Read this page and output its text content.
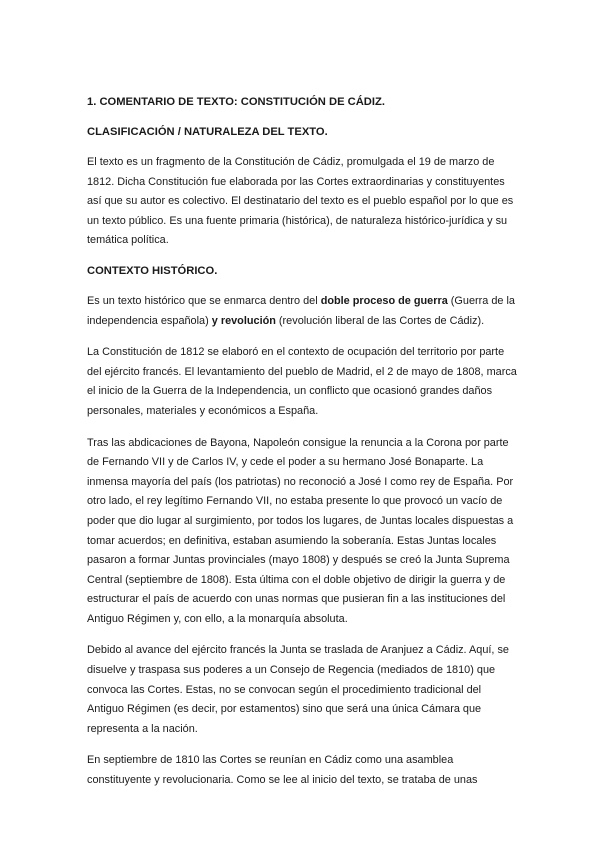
1. COMENTARIO DE TEXTO: CONSTITUCIÓN DE CÁDIZ.
CLASIFICACIÓN / NATURALEZA DEL TEXTO.

El texto es un fragmento de la Constitución de Cádiz, promulgada el 19 de marzo de 1812. Dicha Constitución fue elaborada por las Cortes extraordinarias y constituyentes así que su autor es colectivo. El destinatario del texto es el pueblo español por lo que es un texto público. Es una fuente primaria (histórica), de naturaleza histórico-jurídica y su temática política.

CONTEXTO HISTÓRICO.

Es un texto histórico que se enmarca dentro del doble proceso de guerra (Guerra de la independencia española) y revolución (revolución liberal de las Cortes de Cádiz).

La Constitución de 1812 se elaboró en el contexto de ocupación del territorio por parte del ejército francés. El levantamiento del pueblo de Madrid, el 2 de mayo de 1808, marca el inicio de la Guerra de la Independencia, un conflicto que ocasionó grandes daños personales, materiales y económicos a España.

Tras las abdicaciones de Bayona, Napoleón consigue la renuncia a la Corona por parte de Fernando VII y de Carlos IV, y cede el poder a su hermano José Bonaparte. La inmensa mayoría del país (los patriotas) no reconoció a José I como rey de España. Por otro lado, el rey legítimo Fernando VII, no estaba presente lo que provocó un vacío de poder que dio lugar al surgimiento, por todos los lugares, de Juntas locales dispuestas a tomar acuerdos; en definitiva, estaban asumiendo la soberanía. Estas Juntas locales pasaron a formar Juntas provinciales (mayo 1808) y después se creó la Junta Suprema Central (septiembre de 1808). Esta última con el doble objetivo de dirigir la guerra y de estructurar el país de acuerdo con unas normas que pusieran fin a las instituciones del Antiguo Régimen y, con ello, a la monarquía absoluta.

Debido al avance del ejército francés la Junta se traslada de Aranjuez a Cádiz. Aquí, se disuelve y traspasa sus poderes a un Consejo de Regencia (mediados de 1810) que convoca las Cortes. Estas, no se convocan según el procedimiento tradicional del Antiguo Régimen (es decir, por estamentos) sino que será una única Cámara que representa a la nación.

En septiembre de 1810 las Cortes se reunían en Cádiz como una asamblea constituyente y revolucionaria. Como se lee al inicio del texto, se trataba de unas
